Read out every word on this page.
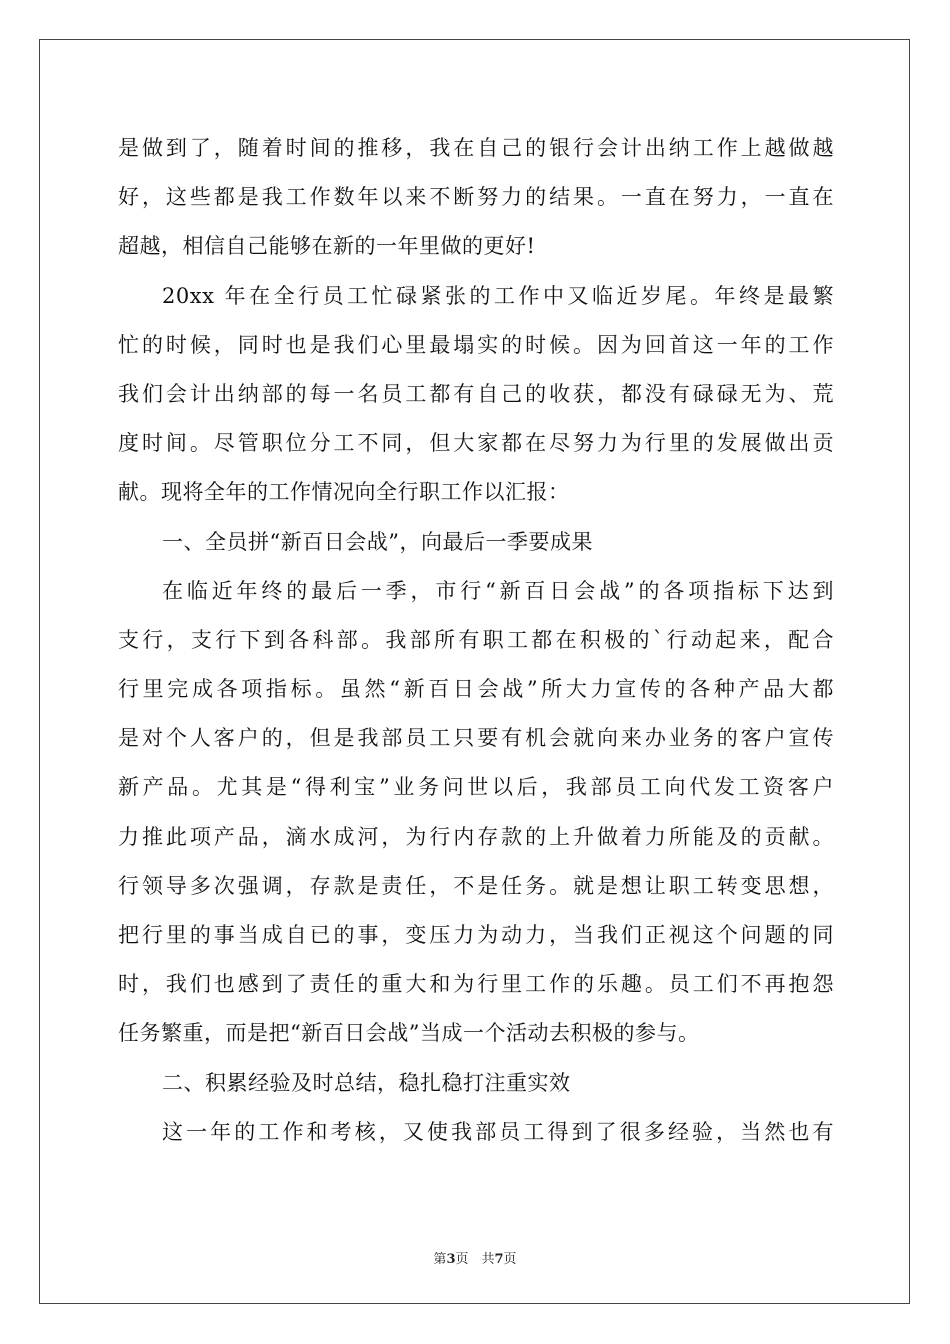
是做到了，随着时间的推移，我在自己的银行会计出纳工作上越做越
好，这些都是我工作数年以来不断努力的结果。一直在努力，一直在
超越，相信自己能够在新的一年里做的更好!
20xx 年在全行员工忙碌紧张的工作中又临近岁尾。年终是最繁
忙的时候，同时也是我们心里最塌实的时候。因为回首这一年的工作
我们会计出纳部的每一名员工都有自己的收获，都没有碌碌无为、荒
度时间。尽管职位分工不同，但大家都在尽努力为行里的发展做出贡
献。现将全年的工作情况向全行职工作以汇报：
一、全员拼“新百日会战”，向最后一季要成果
在临近年终的最后一季，市行“新百日会战”的各项指标下达到
支行，支行下到各科部。我部所有职工都在积极的`行动起来，配合
行里完成各项指标。虽然“新百日会战”所大力宣传的各种产品大都
是对个人客户的，但是我部员工只要有机会就向来办业务的客户宣传
新产品。尤其是“得利宝”业务问世以后，我部员工向代发工资客户
力推此项产品，滴水成河，为行内存款的上升做着力所能及的贡献。
行领导多次强调，存款是责任，不是任务。就是想让职工转变思想，
把行里的事当成自已的事，变压力为动力，当我们正视这个问题的同
时，我们也感到了责任的重大和为行里工作的乐趣。员工们不再抱怨
任务繁重，而是把“新百日会战”当成一个活动去积极的参与。
二、积累经验及时总结，稳扎稳打注重实效
这一年的工作和考核，又使我部员工得到了很多经验，当然也有
第3页　共7页
